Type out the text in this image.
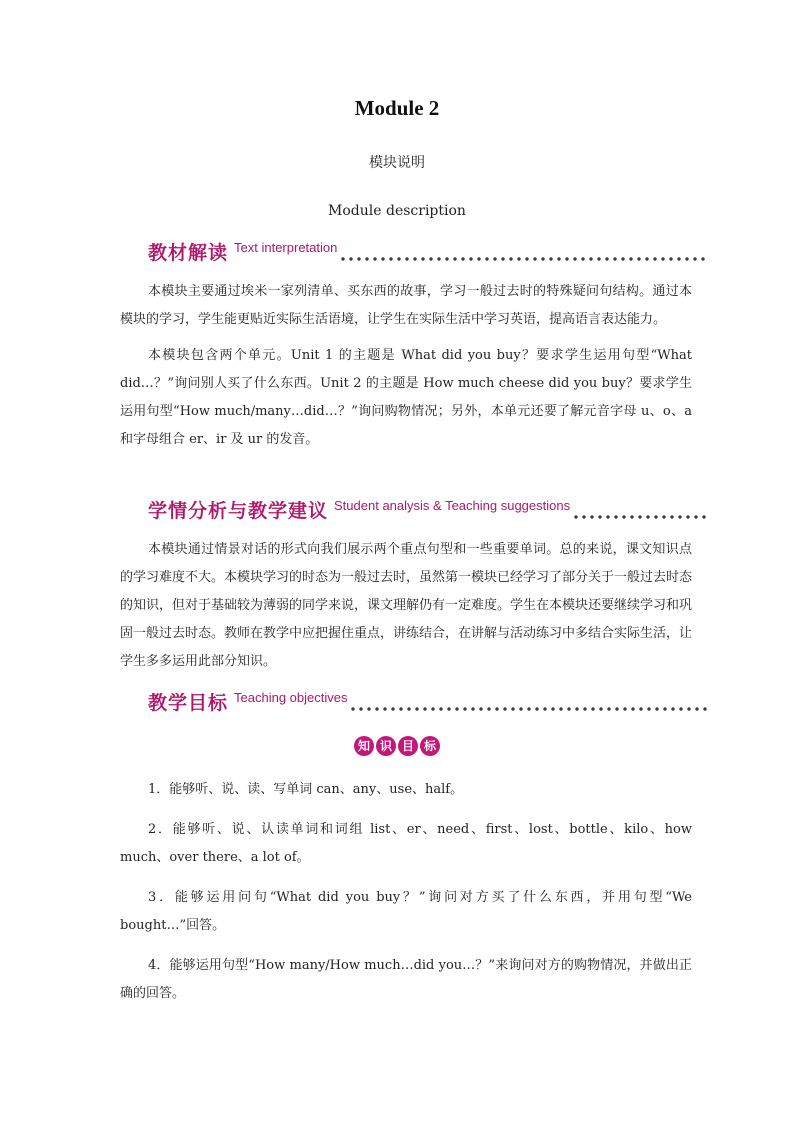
Module 2
模块说明
Module description
教材解读 Text interpretation

本模块主要通过埃米一家列清单、买东西的故事，学习一般过去时的特殊疑问句结构。通过本模块的学习，学生能更贴近实际生活语境，让学生在实际生活中学习英语，提高语言表达能力。

本模块包含两个单元。Unit 1 的主题是 What did you buy？要求学生运用句型“What did…？”询问别人买了什么东西。Unit 2 的主题是 How much cheese did you buy？要求学生运用句型“How much/many…did…？”询问购物情况；另外，本单元还要了解元音字母 u、o、a 和字母组合 er、ir 及 ur 的发音。

学情分析与教学建议 Student analysis & Teaching suggestions

本模块通过情景对话的形式向我们展示两个重点句型和一些重要单词。总的来说，课文知识点的学习难度不大。本模块学习的时态为一般过去时，虽然第一模块已经学习了部分关于一般过去时态的知识，但对于基础较为薄弱的同学来说，课文理解仍有一定难度。学生在本模块还要继续学习和巩固一般过去时态。教师在教学中应把握住重点，讲练结合，在讲解与活动练习中多结合实际生活，让学生多多运用此部分知识。

教学目标 Teaching objectives
知 识 目 标

1．能够听、说、读、写单词 can、any、use、half。

2．能够听、说、认读单词和词组 list、er、need、first、lost、bottle、kilo、how much、over there、a lot of。

3．能够运用问句“What did you buy？”询问对方买了什么东西，并用句型“We bought…”回答。

4．能够运用句型“How many/How much…did you…？”来询问对方的购物情况，并做出正确的回答。
